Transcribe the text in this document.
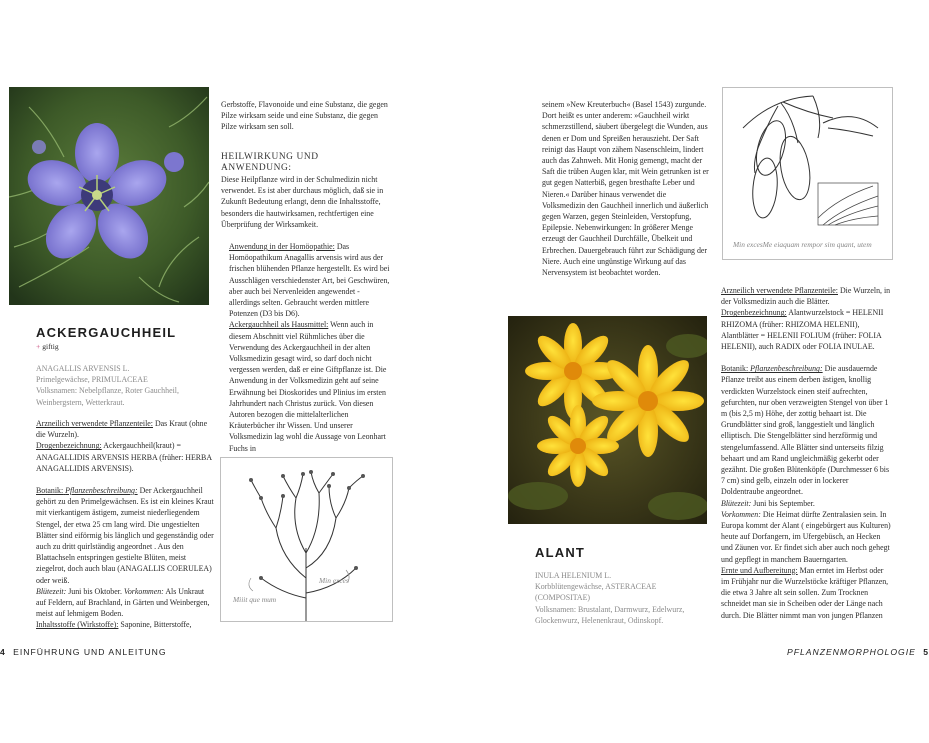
ACKERGAUCHHEIL
+ giftig

ANAGALLIS ARVENSIS L.

Primelgewächse, PRIMULACEAE

Volksnamen: Nebelpflanze, Roter Gauchheil, Weinbergstern, Wetterkraut.

Arzneilich verwendete Pflanzenteile: Das Kraut (ohne die Wurzeln).

Drogenbezeichnung: Ackergauchheil(kraut) = ANAGALLIDIS ARVENSIS HERBA (früher: HERBA ANAGALLIDIS ARVENSIS).

Botanik: Pflanzenbeschreibung: Der Ackergauchheil gehört zu den Primelgewächsen. Es ist ein kleines Kraut mit vierkantigem ästigem, zumeist niederliegendem Stengel, der etwa 25 cm lang wird. Die ungestielten Blätter sind eiförmig bis länglich und gegenständig oder auch zu dritt quirlständig angeordnet . Aus den Blattachseln entspringen gestielte Blüten, meist ziegelrot, doch auch blau (ANAGALLIS COERULEA) oder weiß.

Blütezeit: Juni bis Oktober. Vorkommen: Als Unkraut auf Feldern, auf Brachland, in Gärten und Weinbergen, meist auf lehmigem Boden.

Inhaltsstoffe (Wirkstoffe): Saponine, Bitterstoffe,

Gerbstoffe, Flavonoide und eine Substanz, die gegen Pilze wirksam seide und eine Substanz, die gegen Pilze wirksam sen soll.

HEILWIRKUNG UND ANWENDUNG:

Diese Heilpflanze wird in der Schulmedizin nicht verwendet. Es ist aber durchaus möglich, daß sie in Zukunft Bedeutung erlangt, denn die Inhaltsstoffe, besonders die hautwirksamen, rechtfertigen eine Überprüfung der Wirksamkeit.

Anwendung in der Homöopathie: Das Homöopathikum Anagallis arvensis wird aus der frischen blühenden Pflanze hergestellt. Es wird bei Ausschlägen verschiedenster Art, bei Geschwüren, aber auch bei Nervenleiden angewendet - allerdings selten. Gebraucht werden mittlere Potenzen (D3 bis D6).

Ackergauchheil als Hausmittel: Wenn auch in diesem Abschnitt viel Rühmliches über die Verwendung des Ackergauchheil in der alten Volksmedizin gesagt wird, so darf doch nicht vergessen werden, daß er eine Giftpflanze ist. Die Anwendung in der Volksmedizin geht auf seine Erwähnung bei Dioskorides und Plinius im ersten Jahrhundert nach Christus zurück. Von diesen Autoren bezogen die mittelalterlichen Kräuterbücher ihr Wissen. Und unserer Volksmedizin lag wohl die Aussage von Leonhart Fuchs in

Miiit que mum
Min exces
4 EINFÜHRUNG UND ANLEITUNG

seinem »New Kreuterbuch« (Basel 1543) zurgunde. Dort heißt es unter anderem: »Gauchheil wirkt schmerzstillend, säubert übergelegt die Wunden, aus denen er Dom und Spreißen herauszieht. Der Saft reinigt das Haupt von zähem Nasenschleim, lindert auch das Zahnweh. Mit Honig gemengt, macht der Saft die trüben Augen klar, mit Wein getrunken ist er gut gegen Natterbiß, gegen bresthafte Leber und Nieren.« Darüber hinaus verwendet die Volksmedizin den Gauchheil innerlich und äußerlich gegen Warzen, gegen Steinleiden, Verstopfung, Epilepsie. Nebenwirkungen: In größerer Menge erzeugt der Gauchheil Durchfälle, Übelkeit und Erbrechen. Dauergebrauch führt zur Schädigung der Niere. Auch eine ungünstige Wirkung auf das Nervensystem ist beobachtet worden.

Min excesMe eiaquam rempor sim quant, utem
ALANT

INULA HELENIUM L.

Korbblütengewächse, ASTERACEAE (COMPOSITAE)

Volksnamen: Brustalant, Darmwurz, Edelwurz, Glockenwurz, Helenenkraut, Odinskopf.

Arzneilich verwendete Pflanzenteile: Die Wurzeln, in der Volksmedizin auch die Blätter.

Drogenbezeichnung: Alantwurzelstock = HELENII RHIZOMA (früher: RHIZOMA HELENII), Alantblätter = HELENII FOLIUM (früher: FOLIA HELENII), auch RADIX oder FOLIA INULAE.

Botanik: Pflanzenbeschreibung: Die ausdauernde Pflanze treibt aus einem derben ästigen, knollig verdickten Wurzelstock einen steif aufrechten, gefurchten, nur oben verzweigten Stengel von über 1 m (bis 2,5 m) Höhe, der zottig behaart ist. Die Grundblätter sind groß, langgestielt und länglich elliptisch. Die Stengelblätter sind herzförmig und stengelumfassend. Alle Blätter sind unterseits filzig behaart und am Rand ungleichmäßig gekerbt oder gezähnt. Die großen Blütenköpfe (Durchmesser 6 bis 7 cm) sind gelb, einzeln oder in lockerer Doldentraube angeordnet.

Blütezeit: Juni bis September.

Vorkommen: Die Heimat dürfte Zentralasien sein. In Europa kommt der Alant ( eingebürgert aus Kulturen) heute auf Dorfangern, im Ufergebüsch, an Hecken und Zäunen vor. Er findet sich aber auch noch gehegt und gepflegt in manchem Bauerngarten.

Ernte und Aufbereitung: Man erntet im Herbst oder im Frühjahr nur die Wurzelstöcke kräftiger Pflanzen, die etwa 3 Jahre alt sein sollen. Zum Trocknen schneidet man sie in Scheiben oder der Länge nach durch. Die Blätter nimmt man von jungen Pflanzen

PFLANZENMORPHOLOGIE 5
